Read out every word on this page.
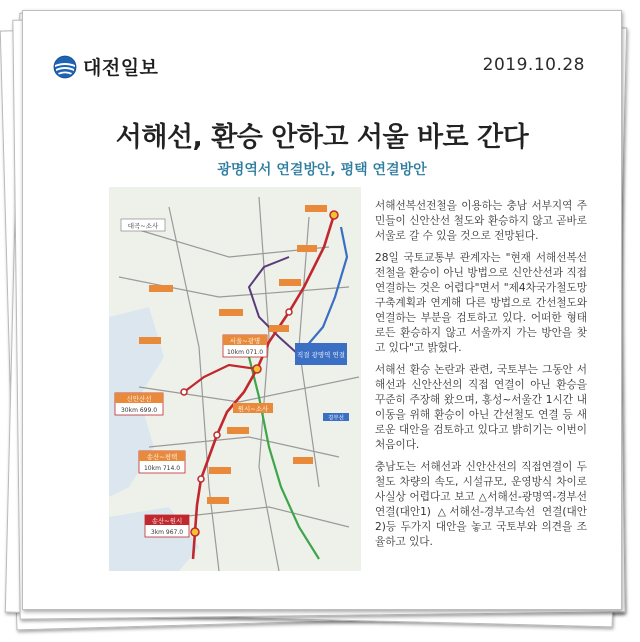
대전일보	2019.10.28
서해선, 환승 안하고 서울 바로 간다
광명역서 연결방안, 평택 연결방안
대곡~소사
서울~광명
10km 071.0	직결 광명역 연결
신안산선
30km 699.0	원시~소사
송산~평택
10km 714.0
송산~원시
3km 967.0
경부선

서해선복선전철을 이용하는 충남 서부지역 주민들이 신안산선 철도와 환승하지 않고 곧바로 서울로 갈 수 있을 것으로 전망된다.

28일 국토교통부 관계자는 "현재 서해선복선전철을 환승이 아닌 방법으로 신안산선과 직접 연결하는 것은 어렵다"면서 "제4차국가철도망구축계획과 연계해 다른 방법으로 간선철도와 연결하는 부분을 검토하고 있다. 어떠한 형태로든 환승하지 않고 서울까지 가는 방안을 찾고 있다"고 밝혔다.

서해선 환승 논란과 관련, 국토부는 그동안 서해선과 신안산선의 직접 연결이 아닌 환승을 꾸준히 주장해 왔으며, 홍성~서울간 1시간 내 이동을 위해 환승이 아닌 간선철도 연결 등 새로운 대안을 검토하고 있다고 밝히기는 이번이 처음이다.

충남도는 서해선과 신안산선의 직접연결이 두 철도 차량의 속도, 시설규모, 운영방식 차이로 사실상 어렵다고 보고 △서해선-광명역-경부선 연결(대안1) △서해선-경부고속선 연결(대안2)등 두가지 대안을 놓고 국토부와 의견을 조율하고 있다.
